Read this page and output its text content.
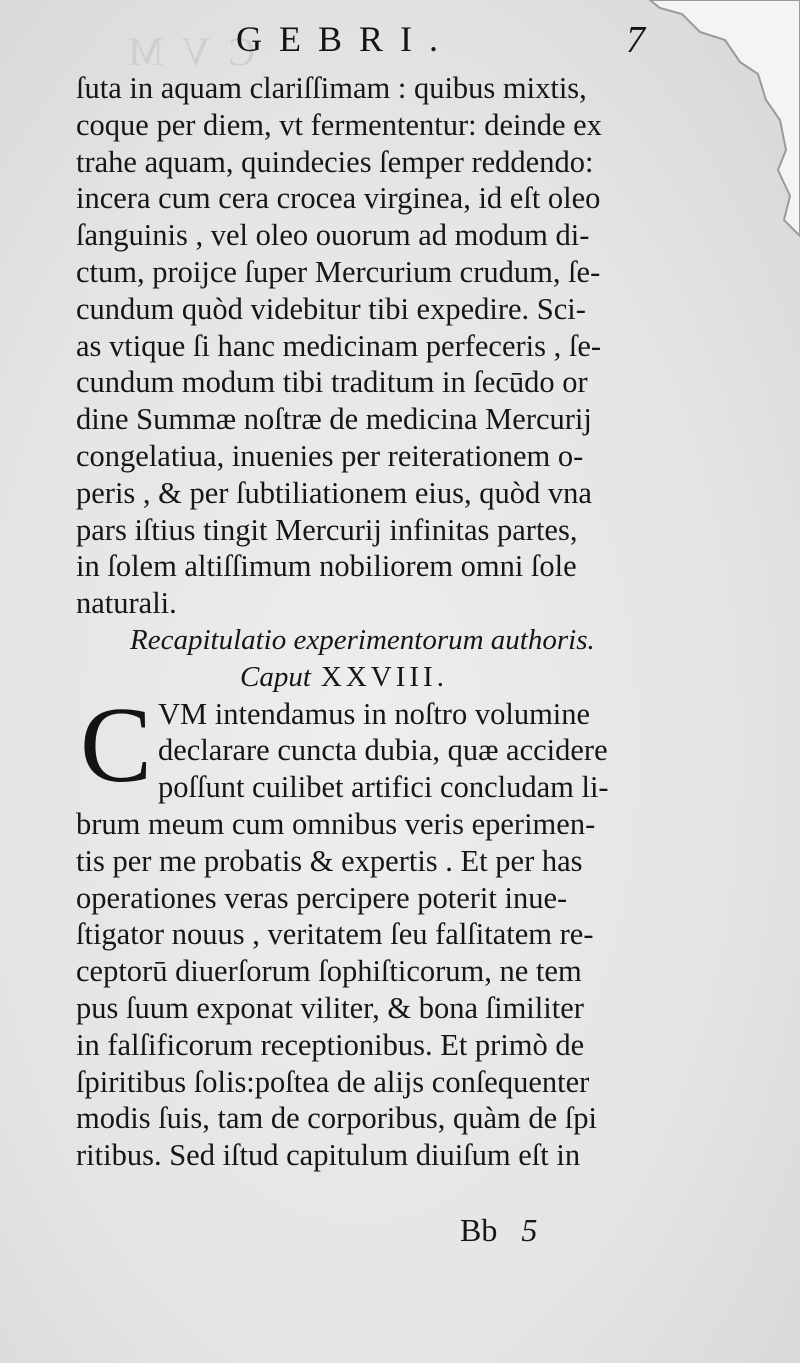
CVM
GEBRI.	7
ſuta in aquam clariſſimam : quibus mixtis,
coque per diem, vt fermententur: deinde ex
trahe aquam, quindecies ſemper reddendo:
incera cum cera crocea virginea, id eſt oleo
ſanguinis , vel oleo ouorum ad modum di-
ctum, proijce ſuper Mercurium crudum, ſe-
cundum quòd videbitur tibi expedire. Sci-
as vtique ſi hanc medicinam perfeceris , ſe-
cundum modum tibi traditum in ſecūdo or
dine Summæ noſtræ de medicina Mercurij
congelatiua, inuenies per reiterationem o-
peris , & per ſubtiliationem eius, quòd vna
pars iſtius tingit Mercurij infinitas partes,
in ſolem altiſſimum nobiliorem omni ſole
naturali.
Recapitulatio experimentorum authoris.
Caput XXVIII.
C VM intendamus in noſtro volumine
declarare cuncta dubia, quæ accidere
poſſunt cuilibet artifici concludam li-
brum meum cum omnibus veris eperimen-
tis per me probatis & expertis . Et per has
operationes veras percipere poterit inue-
ſtigator nouus , veritatem ſeu falſitatem re-
ceptorū diuerſorum ſophiſticorum, ne tem
pus ſuum exponat viliter, & bona ſimiliter
in falſificorum receptionibus. Et primò de
ſpiritibus ſolis:poſtea de alijs conſequenter
modis ſuis, tam de corporibus, quàm de ſpi
ritibus. Sed iſtud capitulum diuiſum eſt in
Bb 5
